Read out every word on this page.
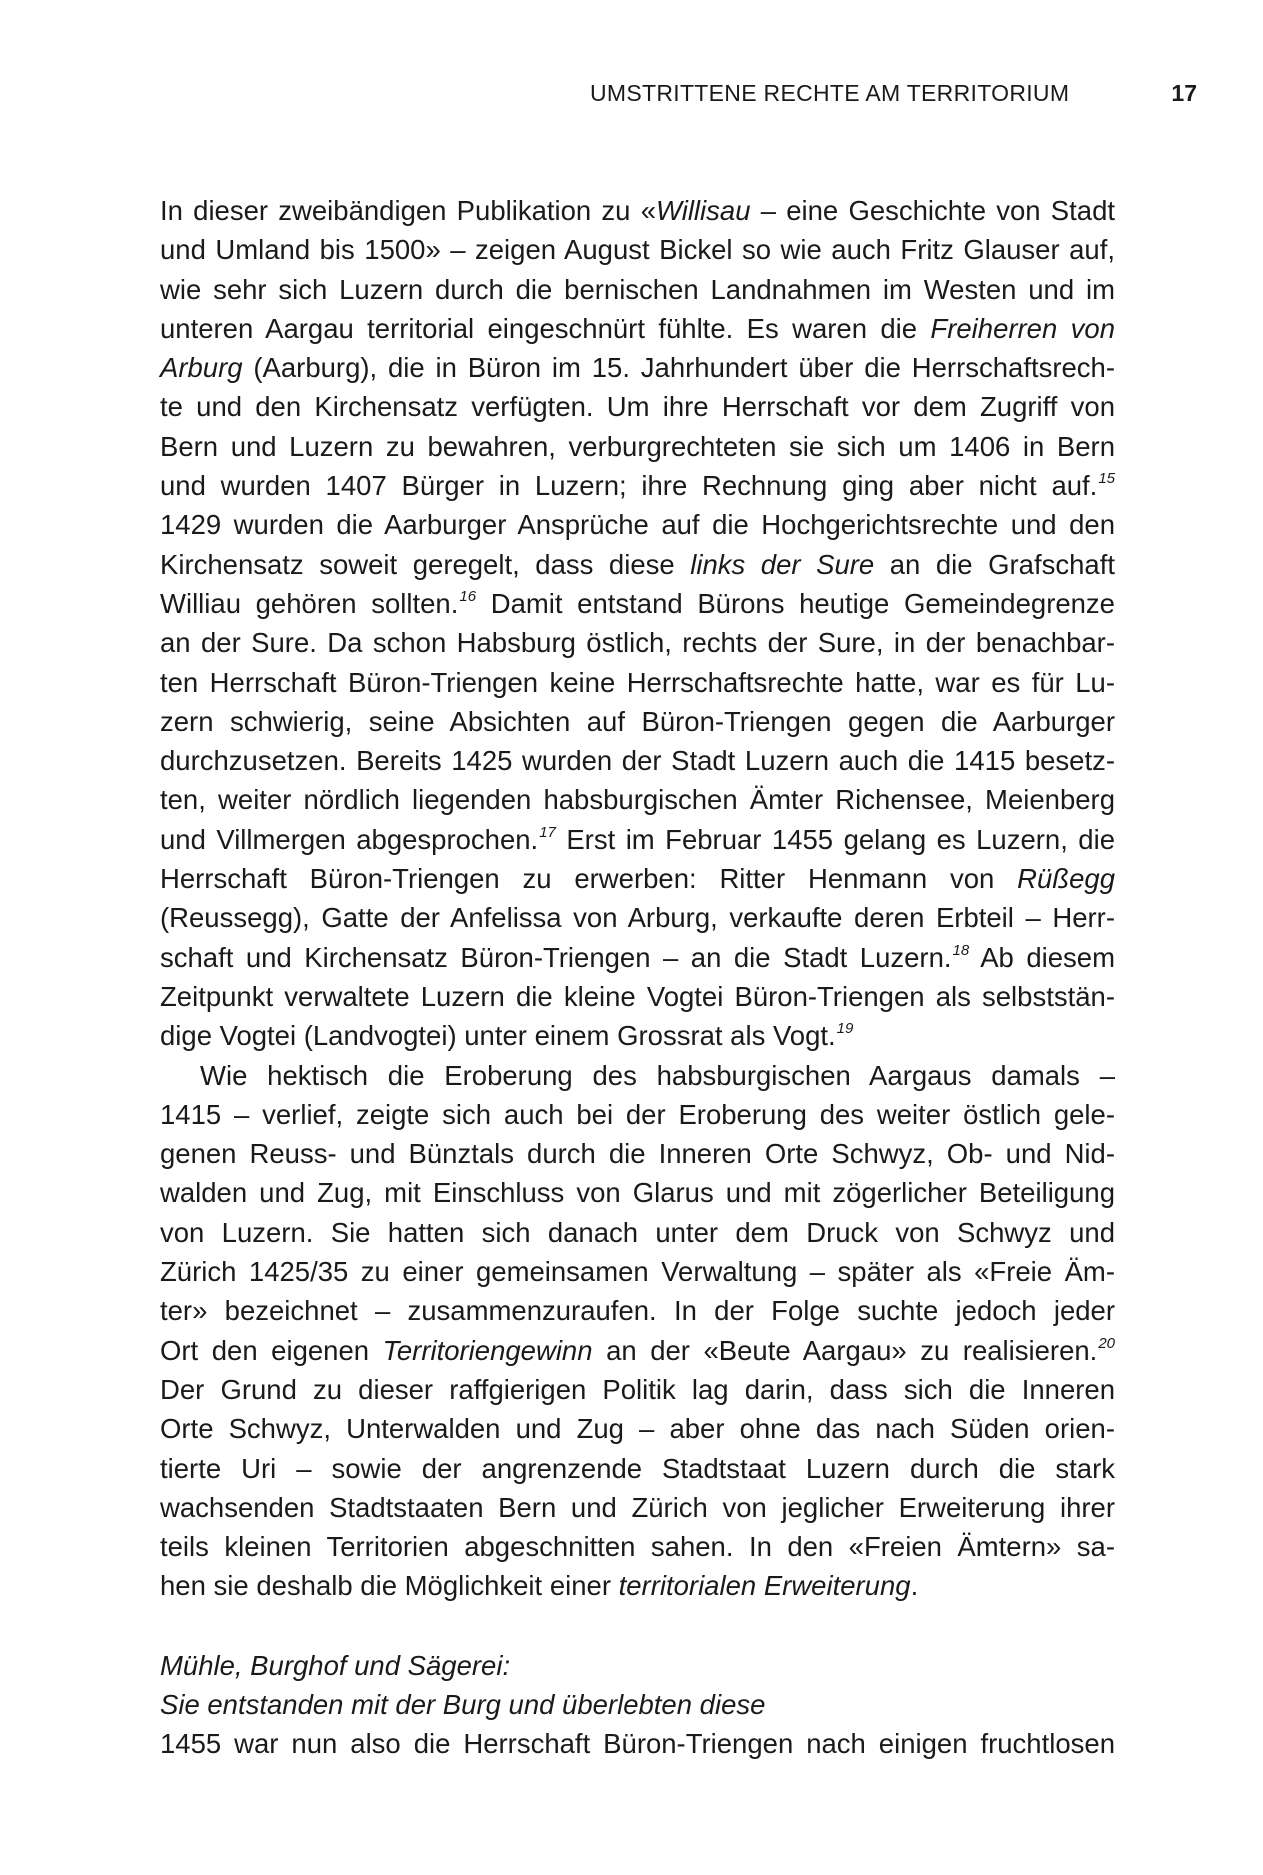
UMSTRITTENE RECHTE AM TERRITORIUM	17
In dieser zweibändigen Publikation zu «Willisau – eine Geschichte von Stadt
und Umland bis 1500» – zeigen August Bickel so wie auch Fritz Glauser auf,
wie sehr sich Luzern durch die bernischen Landnahmen im Westen und im
unteren Aargau territorial eingeschnürt fühlte. Es waren die Freiherren von
Arburg (Aarburg), die in Büron im 15. Jahrhundert über die Herrschaftsrech-
te und den Kirchensatz verfügten. Um ihre Herrschaft vor dem Zugriff von
Bern und Luzern zu bewahren, verburgrechteten sie sich um 1406 in Bern
und wurden 1407 Bürger in Luzern; ihre Rechnung ging aber nicht auf.$^{15}$
1429 wurden die Aarburger Ansprüche auf die Hochgerichtsrechte und den
Kirchensatz soweit geregelt, dass diese links der Sure an die Grafschaft
Williau gehören sollten.$^{16}$ Damit entstand Bürons heutige Gemeindegrenze
an der Sure. Da schon Habsburg östlich, rechts der Sure, in der benachbar-
ten Herrschaft Büron-Triengen keine Herrschaftsrechte hatte, war es für Lu-
zern schwierig, seine Absichten auf Büron-Triengen gegen die Aarburger
durchzusetzen. Bereits 1425 wurden der Stadt Luzern auch die 1415 besetz-
ten, weiter nördlich liegenden habsburgischen Ämter Richensee, Meienberg
und Villmergen abgesprochen.$^{17}$ Erst im Februar 1455 gelang es Luzern, die
Herrschaft Büron-Triengen zu erwerben: Ritter Henmann von Rüßegg
(Reussegg), Gatte der Anfelissa von Arburg, verkaufte deren Erbteil – Herr-
schaft und Kirchensatz Büron-Triengen – an die Stadt Luzern.$^{18}$ Ab diesem
Zeitpunkt verwaltete Luzern die kleine Vogtei Büron-Triengen als selbststän-
dige Vogtei (Landvogtei) unter einem Grossrat als Vogt.$^{19}$
Wie hektisch die Eroberung des habsburgischen Aargaus damals –
1415 – verlief, zeigte sich auch bei der Eroberung des weiter östlich gele-
genen Reuss- und Bünztals durch die Inneren Orte Schwyz, Ob- und Nid-
walden und Zug, mit Einschluss von Glarus und mit zögerlicher Beteiligung
von Luzern. Sie hatten sich danach unter dem Druck von Schwyz und
Zürich 1425/35 zu einer gemeinsamen Verwaltung – später als «Freie Äm-
ter» bezeichnet – zusammenzuraufen. In der Folge suchte jedoch jeder
Ort den eigenen Territoriengewinn an der «Beute Aargau» zu realisieren.$^{20}$
Der Grund zu dieser raffgierigen Politik lag darin, dass sich die Inneren
Orte Schwyz, Unterwalden und Zug – aber ohne das nach Süden orien-
tierte Uri – sowie der angrenzende Stadtstaat Luzern durch die stark
wachsenden Stadtstaaten Bern und Zürich von jeglicher Erweiterung ihrer
teils kleinen Territorien abgeschnitten sahen. In den «Freien Ämtern» sa-
hen sie deshalb die Möglichkeit einer territorialen Erweiterung.
Mühle, Burghof und Sägerei:
Sie entstanden mit der Burg und überlebten diese
1455 war nun also die Herrschaft Büron-Triengen nach einigen fruchtlosen
